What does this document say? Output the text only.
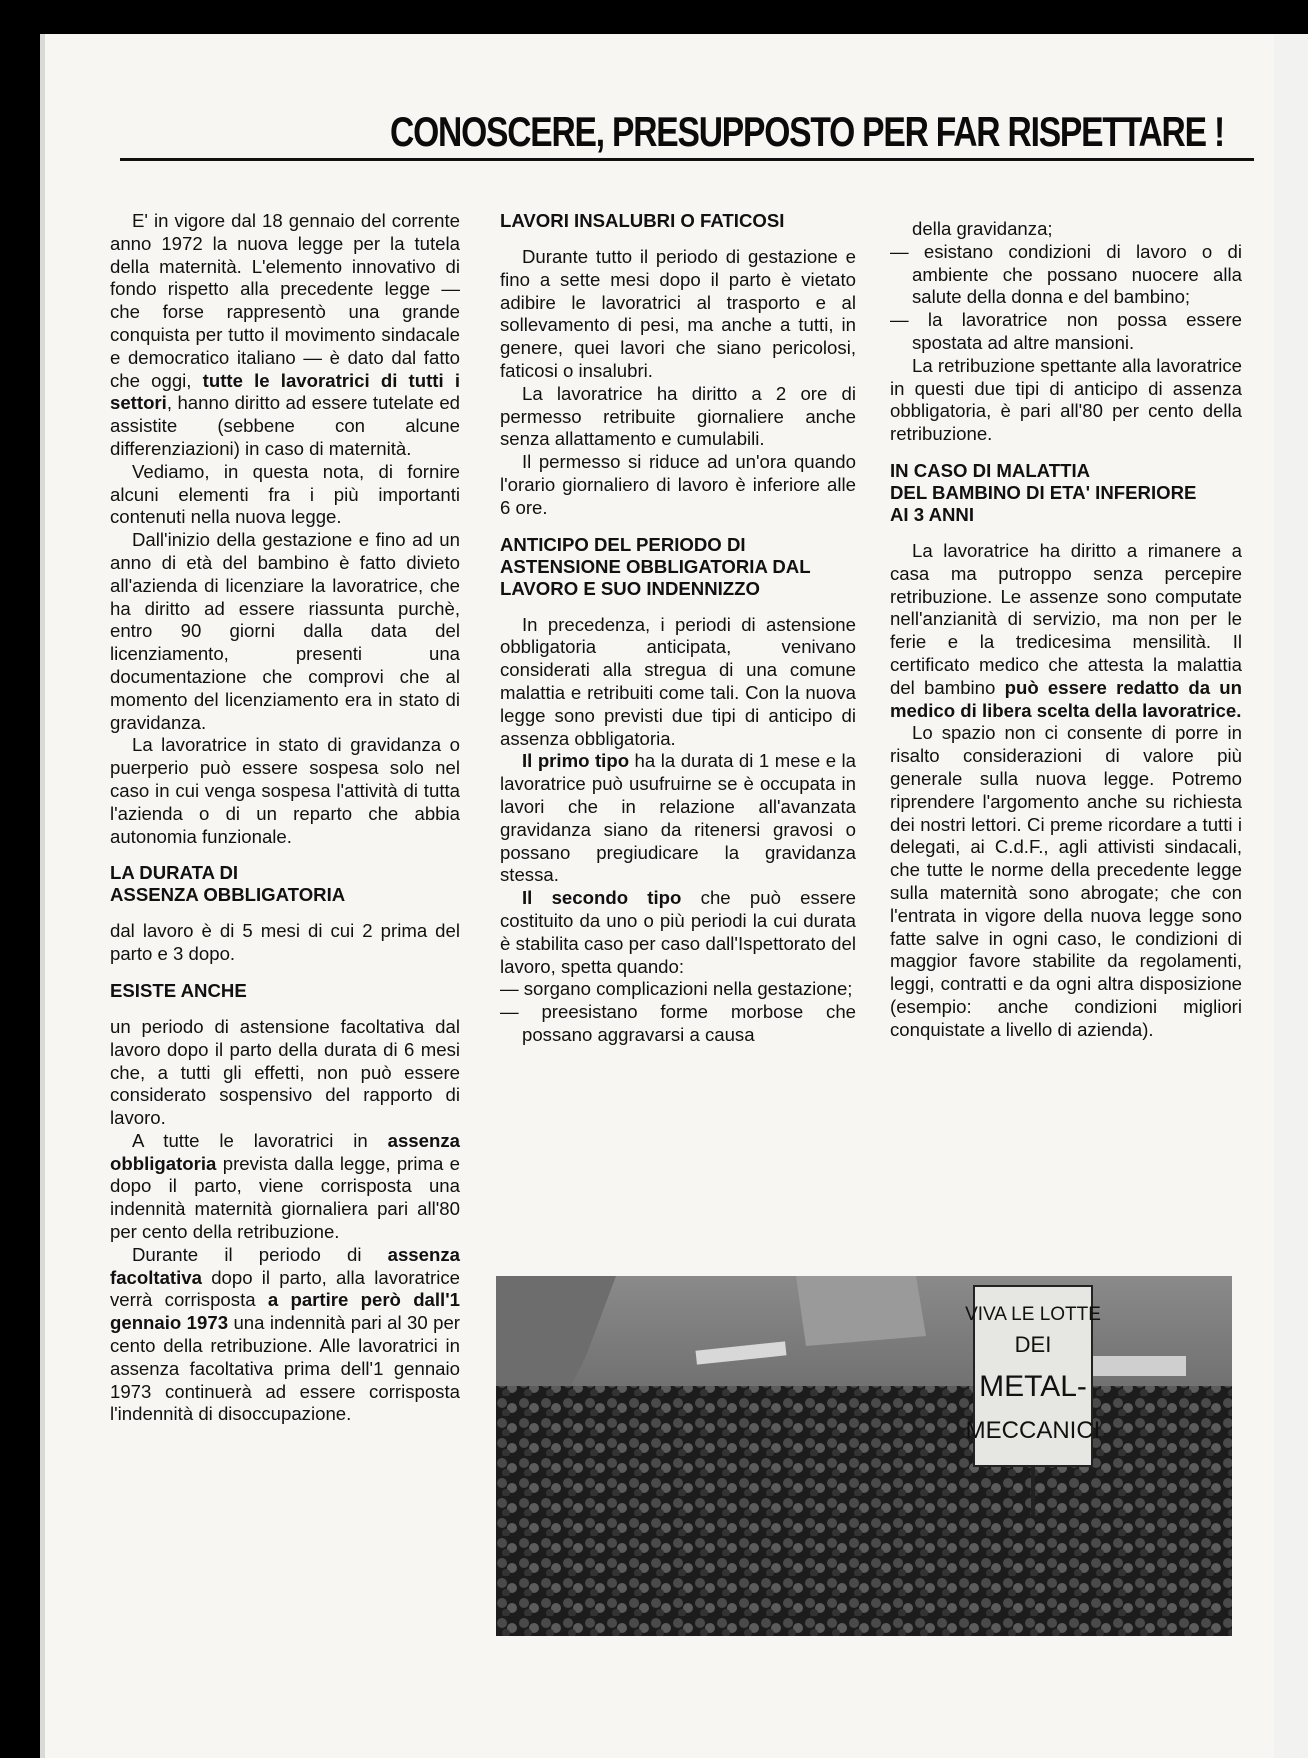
CONOSCERE, PRESUPPOSTO PER FAR RISPETTARE !

E' in vigore dal 18 gennaio del corrente anno 1972 la nuova legge per la tutela della maternità. L'elemento innovativo di fondo rispetto alla precedente legge — che forse rappresentò una grande conquista per tutto il movimento sindacale e democratico italiano — è dato dal fatto che oggi, tutte le lavoratrici di tutti i settori, hanno diritto ad essere tutelate ed assistite (sebbene con alcune differenziazioni) in caso di maternità.

Vediamo, in questa nota, di fornire alcuni elementi fra i più importanti contenuti nella nuova legge.

Dall'inizio della gestazione e fino ad un anno di età del bambino è fatto divieto all'azienda di licenziare la lavoratrice, che ha diritto ad essere riassunta purchè, entro 90 giorni dalla data del licenziamento, presenti una documentazione che comprovi che al momento del licenziamento era in stato di gravidanza.

La lavoratrice in stato di gravidanza o puerperio può essere sospesa solo nel caso in cui venga sospesa l'attività di tutta l'azienda o di un reparto che abbia autonomia funzionale.

LA DURATA DI
ASSENZA OBBLIGATORIA

dal lavoro è di 5 mesi di cui 2 prima del parto e 3 dopo.

ESISTE ANCHE

un periodo di astensione facoltativa dal lavoro dopo il parto della durata di 6 mesi che, a tutti gli effetti, non può essere considerato sospensivo del rapporto di lavoro.

A tutte le lavoratrici in assenza obbligatoria prevista dalla legge, prima e dopo il parto, viene corrisposta una indennità maternità giornaliera pari all'80 per cento della retribuzione.

Durante il periodo di assenza facoltativa dopo il parto, alla lavoratrice verrà corrisposta a partire però dall'1 gennaio 1973 una indennità pari al 30 per cento della retribuzione. Alle lavoratrici in assenza facoltativa prima dell'1 gennaio 1973 continuerà ad essere corrisposta l'indennità di disoccupazione.

LAVORI INSALUBRI O FATICOSI

Durante tutto il periodo di gestazione e fino a sette mesi dopo il parto è vietato adibire le lavoratrici al trasporto e al sollevamento di pesi, ma anche a tutti, in genere, quei lavori che siano pericolosi, faticosi o insalubri.

La lavoratrice ha diritto a 2 ore di permesso retribuite giornaliere anche senza allattamento e cumulabili.

Il permesso si riduce ad un'ora quando l'orario giornaliero di lavoro è inferiore alle 6 ore.

ANTICIPO DEL PERIODO DI
ASTENSIONE OBBLIGATORIA DAL
LAVORO E SUO INDENNIZZO

In precedenza, i periodi di astensione obbligatoria anticipata, venivano considerati alla stregua di una comune malattia e retribuiti come tali. Con la nuova legge sono previsti due tipi di anticipo di assenza obbligatoria.

Il primo tipo ha la durata di 1 mese e la lavoratrice può usufruirne se è occupata in lavori che in relazione all'avanzata gravidanza siano da ritenersi gravosi o possano pregiudicare la gravidanza stessa.

Il secondo tipo che può essere costituito da uno o più periodi la cui durata è stabilita caso per caso dall'Ispettorato del lavoro, spetta quando:

— sorgano complicazioni nella gestazione;

— preesistano forme morbose che possano aggravarsi a causa

della gravidanza;

— esistano condizioni di lavoro o di ambiente che possano nuocere alla salute della donna e del bambino;

— la lavoratrice non possa essere spostata ad altre mansioni.

La retribuzione spettante alla lavoratrice in questi due tipi di anticipo di assenza obbligatoria, è pari all'80 per cento della retribuzione.

IN CASO DI MALATTIA
DEL BAMBINO DI ETA' INFERIORE
AI 3 ANNI

La lavoratrice ha diritto a rimanere a casa ma putroppo senza percepire retribuzione. Le assenze sono computate nell'anzianità di servizio, ma non per le ferie e la tredicesima mensilità. Il certificato medico che attesta la malattia del bambino può essere redatto da un medico di libera scelta della lavoratrice.

Lo spazio non ci consente di porre in risalto considerazioni di valore più generale sulla nuova legge. Potremo riprendere l'argomento anche su richiesta dei nostri lettori. Ci preme ricordare a tutti i delegati, ai C.d.F., agli attivisti sindacali, che tutte le norme della precedente legge sulla maternità sono abrogate; che con l'entrata in vigore della nuova legge sono fatte salve in ogni caso, le condizioni di maggior favore stabilite da regolamenti, leggi, contratti e da ogni altra disposizione (esempio: anche condizioni migliori conquistate a livello di azienda).

VIVA LE LOTTE
DEI
METAL-
MECCANICI
